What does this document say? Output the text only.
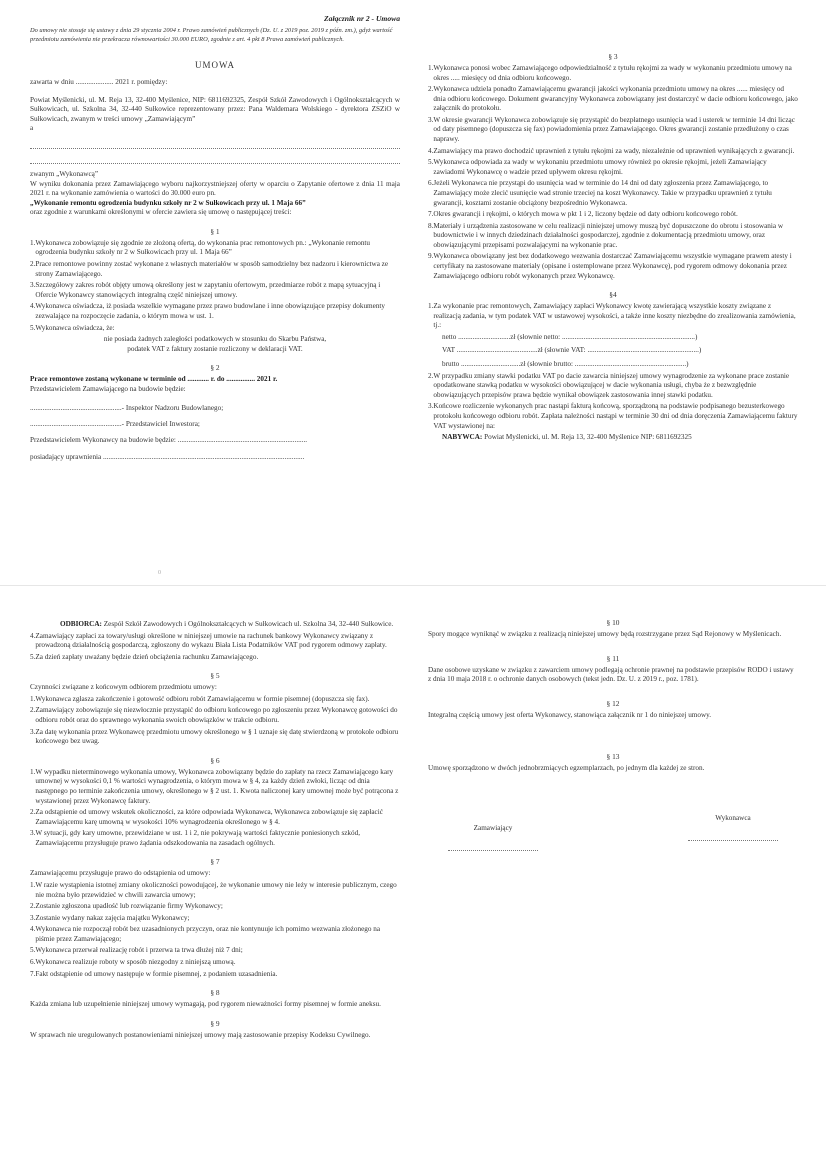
Załącznik nr 2 - Umowa

Do umowy nie stosuje się ustawy z dnia 29 stycznia 2004 r. Prawo zamówień publicznych (Dz. U. z 2019 poz. 2019 z późn. zm.), gdyż wartość przedmiotu zamówienia nie przekracza równowartości 30.000 EURO, zgodnie z art. 4 pkt 8 Prawa zamówień publicznych.

UMOWA

zawarta w dniu ..................... 2021 r. pomiędzy:

Powiat Myślenicki, ul. M. Reja 13, 32-400 Myślenice, NIP: 6811692325, Zespół Szkół Zawodowych i Ogólnokształcących w Sułkowicach, ul. Szkolna 34, 32-440 Sułkowice reprezentowany przez: Pana Waldemara Wolskiego - dyrektora ZSZiO w Sułkowicach, zwanym w treści umowy „Zamawiającym”

a

zwanym „Wykonawcą”

W wyniku dokonania przez Zamawiającego wyboru najkorzystniejszej oferty w oparciu o Zapytanie ofertowe z dnia 11 maja 2021 r. na wykonanie zamówienia o wartości do 30.000 euro pn.

„Wykonanie remontu ogrodzenia budynku szkoły nr 2 w Sułkowicach przy ul. 1 Maja 66”

oraz zgodnie z warunkami określonymi w ofercie zawiera się umowę o następującej treści:

§ 1

1. Wykonawca zobowiązuje się zgodnie ze złożoną ofertą, do wykonania prac remontowych pn.: „Wykonanie remontu ogrodzenia budynku szkoły nr 2 w Sułkowicach przy ul. 1 Maja 66”
2. Prace remontowe powinny zostać wykonane z własnych materiałów w sposób samodzielny bez nadzoru i kierownictwa ze strony Zamawiającego.
3. Szczegółowy zakres robót objęty umową określony jest w zapytaniu ofertowym, przedmiarze robót z mapą sytuacyjną i Ofercie Wykonawcy stanowiących integralną część niniejszej umowy.
4. Wykonawca oświadcza, iż posiada wszelkie wymagane przez prawo budowlane i inne obowiązujące przepisy dokumenty zezwalające na rozpoczęcie zadania, o którym mowa w ust. 1.
5. Wykonawca oświadcza, że:

nie posiada żadnych zaległości podatkowych w stosunku do Skarbu Państwa,

podatek VAT z faktury zostanie rozliczony w deklaracji VAT.

§ 2

Prace remontowe zostaną wykonane w terminie od ............ r. do ................ 2021 r.

Przedstawicielem Zamawiającego na budowie będzie:

...................................................- Inspektor Nadzoru Budowlanego;

...................................................- Przedstawiciel Inwestora;

Przedstawicielem Wykonawcy na budowie będzie: ........................................................................

posiadający uprawnienia ................................................................................................................

0

§ 3

1. Wykonawca ponosi wobec Zamawiającego odpowiedzialność z tytułu rękojmi za wady w wykonaniu przedmiotu umowy na okres ..... miesięcy od dnia odbioru końcowego.
2. Wykonawca udziela ponadto Zamawiającemu gwarancji jakości wykonania przedmiotu umowy na okres ...... miesięcy od dnia odbioru końcowego. Dokument gwarancyjny Wykonawca zobowiązany jest dostarczyć w dacie odbioru końcowego, jako załącznik do protokołu.
3. W okresie gwarancji Wykonawca zobowiązuje się przystąpić do bezpłatnego usunięcia wad i usterek w terminie 14 dni licząc od daty pisemnego (dopuszcza się fax) powiadomienia przez Zamawiającego. Okres gwarancji zostanie przedłużony o czas naprawy.
4. Zamawiający ma prawo dochodzić uprawnień z tytułu rękojmi za wady, niezależnie od uprawnień wynikających z gwarancji.
5. Wykonawca odpowiada za wady w wykonaniu przedmiotu umowy również po okresie rękojmi, jeżeli Zamawiający zawiadomi Wykonawcę o wadzie przed upływem okresu rękojmi.
6. Jeżeli Wykonawca nie przystąpi do usunięcia wad w terminie do 14 dni od daty zgłoszenia przez Zamawiającego, to Zamawiający może zlecić usunięcie wad stronie trzeciej na koszt Wykonawcy. Takie w przypadku uprawnień z tytułu gwarancji, kosztami zostanie obciążony bezpośrednio Wykonawca.
7. Okres gwarancji i rękojmi, o których mowa w pkt 1 i 2, liczony będzie od daty odbioru końcowego robót.
8. Materiały i urządzenia zastosowane w celu realizacji niniejszej umowy muszą być dopuszczone do obrotu i stosowania w budownictwie i w innych dziedzinach działalności gospodarczej, zgodnie z dokumentacją przedmiotu umowy, oraz obowiązującymi przepisami pozwalającymi na wykonanie prac.
9. Wykonawca obowiązany jest bez dodatkowego wezwania dostarczać Zamawiającemu wszystkie wymagane prawem atesty i certyfikaty na zastosowane materiały (opisane i ostemplowane przez Wykonawcę), pod rygorem odmowy dokonania przez Zamawiającego odbioru robót wykonanych przez Wykonawcę.

§4

1. Za wykonanie prac remontowych, Zamawiający zapłaci Wykonawcy kwotę zawierającą wszystkie koszty związane z realizacją zadania, w tym podatek VAT w ustawowej wysokości, a także inne koszty niezbędne do zrealizowania zamówienia, tj.:

netto .............................zł (słownie netto: ..........................................................................)

VAT .............................................zł (słownie VAT: ..............................................................)

brutto .................................zł (słownie brutto: ..............................................................)

2. W przypadku zmiany stawki podatku VAT po dacie zawarcia niniejszej umowy wynagrodzenie za wykonane prace zostanie opodatkowane stawką podatku w wysokości obowiązującej w dacie wykonania usługi, chyba że z bezwzględnie obowiązujących przepisów prawa będzie wynikał obowiązek zastosowania innej stawki podatku.
3. Końcowe rozliczenie wykonanych prac nastąpi fakturą końcową, sporządzoną na podstawie podpisanego bezusterkowego protokołu końcowego odbioru robót. Zapłata należności nastąpi w terminie 30 dni od dnia doręczenia Zamawiającemu faktury VAT wystawionej na:

NABYWCA: Powiat Myślenicki, ul. M. Reja 13, 32-400 Myślenice NIP: 6811692325

ODBIORCA: Zespół Szkół Zawodowych i Ogólnokształcących w Sułkowicach ul. Szkolna 34, 32-440 Sułkowice.

4. Zamawiający zapłaci za towary/usługi określone w niniejszej umowie na rachunek bankowy Wykonawcy związany z prowadzoną działalnością gospodarczą, zgłoszony do wykazu Biała Lista Podatników VAT pod rygorem odmowy zapłaty.
5. Za dzień zapłaty uważany będzie dzień obciążenia rachunku Zamawiającego.

§ 5

Czynności związane z końcowym odbiorem przedmiotu umowy:

1. Wykonawca zgłasza zakończenie i gotowość odbioru robót Zamawiającemu w formie pisemnej (dopuszcza się fax).
2. Zamawiający zobowiązuje się niezwłocznie przystąpić do odbioru końcowego po zgłoszeniu przez Wykonawcę gotowości do odbioru robót oraz do sprawnego wykonania swoich obowiązków w trakcie odbioru.
3. Za datę wykonania przez Wykonawcę przedmiotu umowy określonego w § 1 uznaje się datę stwierdzoną w protokole odbioru końcowego bez uwag.

§ 6

1. W wypadku nieterminowego wykonania umowy, Wykonawca zobowiązany będzie do zapłaty na rzecz Zamawiającego kary umownej w wysokości 0,1 % wartości wynagrodzenia, o którym mowa w § 4, za każdy dzień zwłoki, licząc od dnia następnego po terminie zakończenia umowy, określonego w § 2 ust. 1. Kwota naliczonej kary umownej może być potrącona z wystawionej przez Wykonawcę faktury.
2. Za odstąpienie od umowy wskutek okoliczności, za które odpowiada Wykonawca, Wykonawca zobowiązuje się zapłacić Zamawiającemu karę umowną w wysokości 10% wynagrodzenia określonego w § 4.
3. W sytuacji, gdy kary umowne, przewidziane w ust. 1 i 2, nie pokrywają wartości faktycznie poniesionych szkód, Zamawiającemu przysługuje prawo żądania odszkodowania na zasadach ogólnych.

§ 7

Zamawiającemu przysługuje prawo do odstąpienia od umowy:

1. W razie wystąpienia istotnej zmiany okoliczności powodującej, że wykonanie umowy nie leży w interesie publicznym, czego nie można było przewidzieć w chwili zawarcia umowy;
2. Zostanie zgłoszona upadłość lub rozwiązanie firmy Wykonawcy;
3. Zostanie wydany nakaz zajęcia majątku Wykonawcy;
4. Wykonawca nie rozpoczął robót bez uzasadnionych przyczyn, oraz nie kontynuuje ich pomimo wezwania złożonego na piśmie przez Zamawiającego;
5. Wykonawca przerwał realizację robót i przerwa ta trwa dłużej niż 7 dni;
6. Wykonawca realizuje roboty w sposób niezgodny z niniejszą umową.
7. Fakt odstąpienie od umowy następuje w formie pisemnej, z podaniem uzasadnienia.

§ 8

Każda zmiana lub uzupełnienie niniejszej umowy wymagają, pod rygorem nieważności formy pisemnej w formie aneksu.

§ 9

W sprawach nie uregulowanych postanowieniami niniejszej umowy mają zastosowanie przepisy Kodeksu Cywilnego.

§ 10

Spory mogące wyniknąć w związku z realizacją niniejszej umowy będą rozstrzygane przez Sąd Rejonowy w Myślenicach.

§ 11

Dane osobowe uzyskane w związku z zawarciem umowy podlegają ochronie prawnej na podstawie przepisów RODO i ustawy z dnia 10 maja 2018 r. o ochronie danych osobowych (tekst jedn. Dz. U. z 2019 r., poz. 1781).

§ 12

Integralną częścią umowy jest oferta Wykonawcy, stanowiąca załącznik nr 1 do niniejszej umowy.

§ 13

Umowę sporządzono w dwóch jednobrzmiących egzemplarzach, po jednym dla każdej ze stron.

Zamawiający
Wykonawca
